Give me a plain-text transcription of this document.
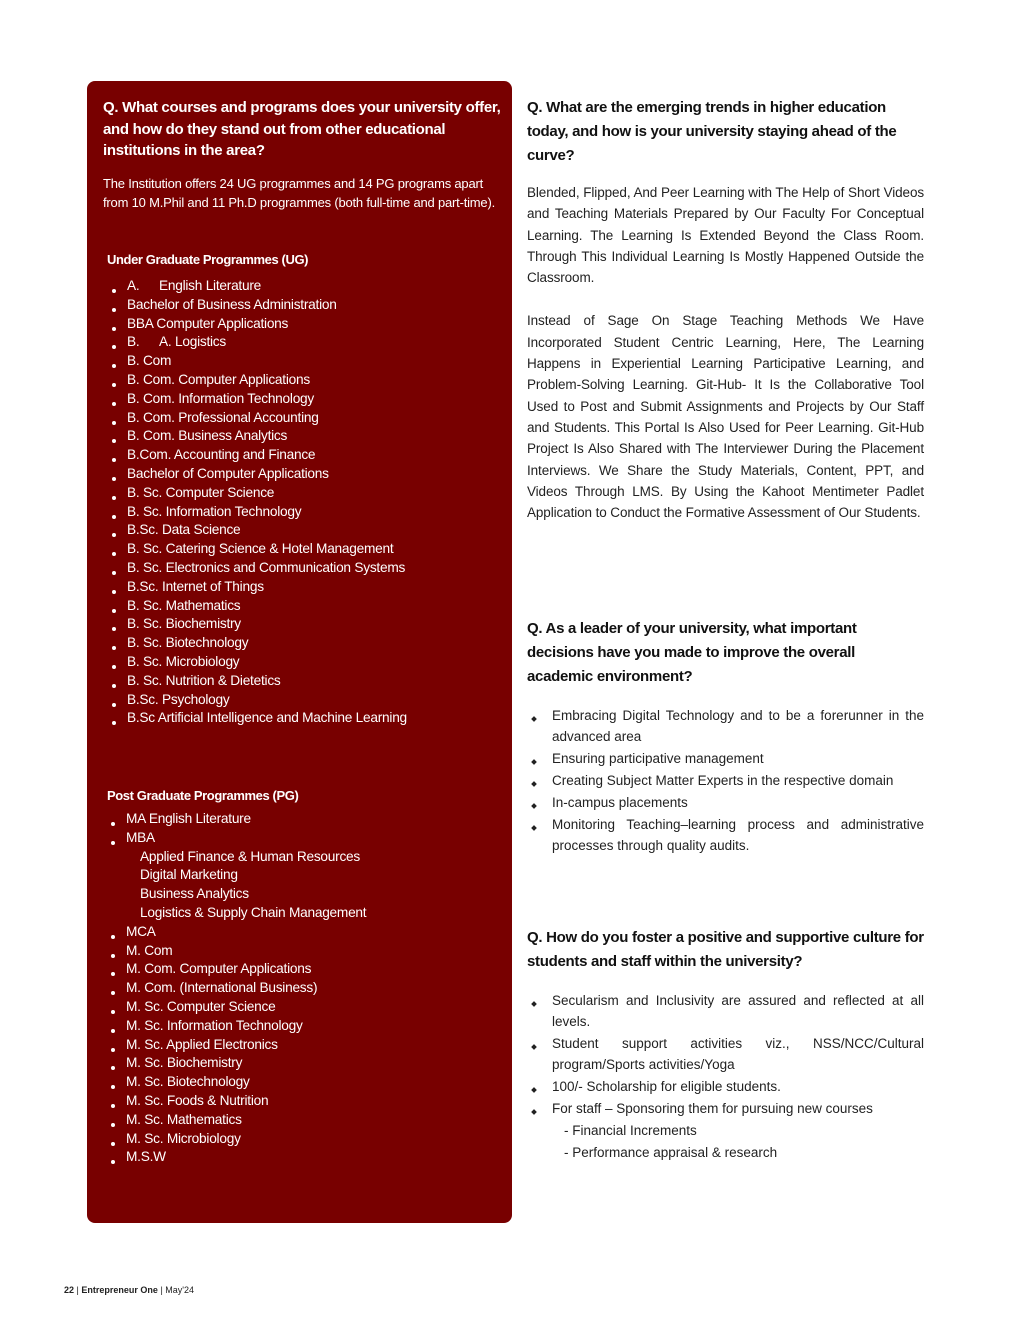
Q. What courses and programs does your university offer, and how do they stand out from other educational institutions in the area?
The Institution offers 24 UG programmes and 14 PG programs apart from 10 M.Phil and 11 Ph.D programmes (both full-time and part-time).
Under Graduate Programmes (UG)
A. English Literature
Bachelor of Business Administration
BBA Computer Applications
B. A. Logistics
B. Com
B. Com. Computer Applications
B. Com. Information Technology
B. Com. Professional Accounting
B. Com. Business Analytics
B.Com. Accounting and Finance
Bachelor of Computer Applications
B. Sc. Computer Science
B. Sc. Information Technology
B.Sc. Data Science
B. Sc. Catering Science & Hotel Management
B. Sc. Electronics and Communication Systems
B.Sc. Internet of Things
B. Sc. Mathematics
B. Sc. Biochemistry
B. Sc. Biotechnology
B. Sc. Microbiology
B. Sc. Nutrition & Dietetics
B.Sc. Psychology
B.Sc Artificial Intelligence and Machine Learning
Post Graduate Programmes (PG)
MA English Literature
MBA
Applied Finance & Human Resources
Digital Marketing
Business Analytics
Logistics & Supply Chain Management
MCA
M. Com
M. Com. Computer Applications
M. Com. (International Business)
M. Sc. Computer Science
M. Sc. Information Technology
M. Sc. Applied Electronics
M. Sc. Biochemistry
M. Sc. Biotechnology
M. Sc. Foods & Nutrition
M. Sc. Mathematics
M. Sc. Microbiology
M.S.W
Q. What are the emerging trends in higher education today, and how is your university staying ahead of the curve?
Blended, Flipped, And Peer Learning with The Help of Short Videos and Teaching Materials Prepared by Our Faculty For Conceptual Learning. The Learning Is Extended Beyond the Class Room. Through This Individual Learning Is Mostly Happened Outside the Classroom.
Instead of Sage On Stage Teaching Methods We Have Incorporated Student Centric Learning, Here, The Learning Happens in Experiential Learning Participative Learning, and Problem-Solving Learning. Git-Hub- It Is the Collaborative Tool Used to Post and Submit Assignments and Projects by Our Staff and Students. This Portal Is Also Used for Peer Learning. Git-Hub Project Is Also Shared with The Interviewer During the Placement Interviews. We Share the Study Materials, Content, PPT, and Videos Through LMS. By Using the Kahoot Mentimeter Padlet Application to Conduct the Formative Assessment of Our Students.
Q. As a leader of your university, what important decisions have you made to improve the overall academic environment?
Embracing Digital Technology and to be a forerunner in the advanced area
Ensuring participative management
Creating Subject Matter Experts in the respective domain
In-campus placements
Monitoring Teaching–learning process and administrative processes through quality audits.
Q. How do you foster a positive and supportive culture for students and staff within the university?
Secularism and Inclusivity are assured and reflected at all levels.
Student support activities viz., NSS/NCC/Cultural program/Sports activities/Yoga
100/- Scholarship for eligible students.
For staff – Sponsoring them for pursuing new courses
- Financial Increments
- Performance appraisal & research
22 | Entrepreneur One | May'24
